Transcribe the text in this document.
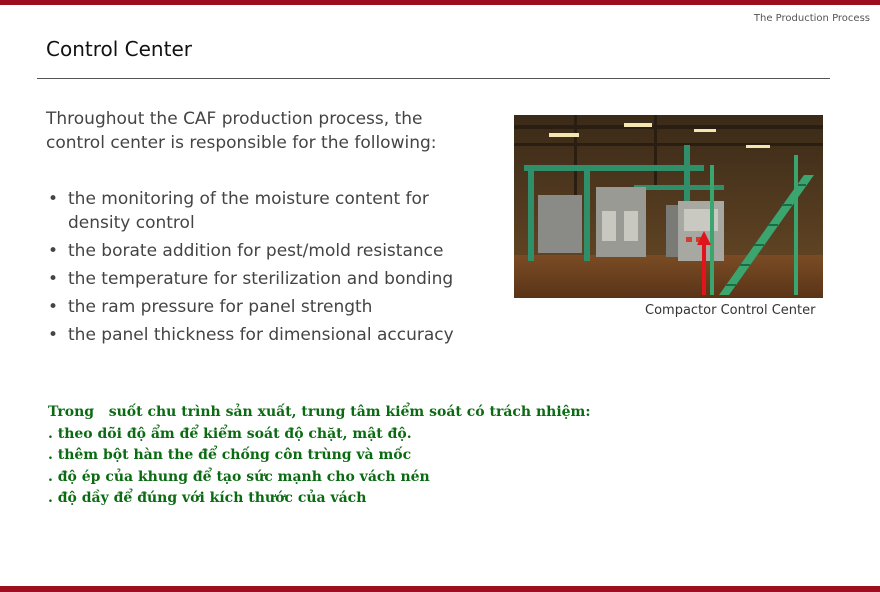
The Production Process
Control Center
Throughout the CAF production process, the control center is responsible for the following:
• the monitoring of the moisture content for density control
• the borate addition for pest/mold resistance
• the temperature for sterilization and bonding
• the ram pressure for panel strength
• the panel thickness for dimensional accuracy
Compactor Control Center
Trong   suốt chu trình sản xuất, trung tâm kiểm soát có trách nhiệm:
. theo dõi độ ẩm để kiểm soát độ chặt, mật độ.
. thêm bột hàn the để chống côn trùng và mốc
. độ ép của khung để tạo sức mạnh cho vách nén
. độ dầy để đúng với kích thước của vách
